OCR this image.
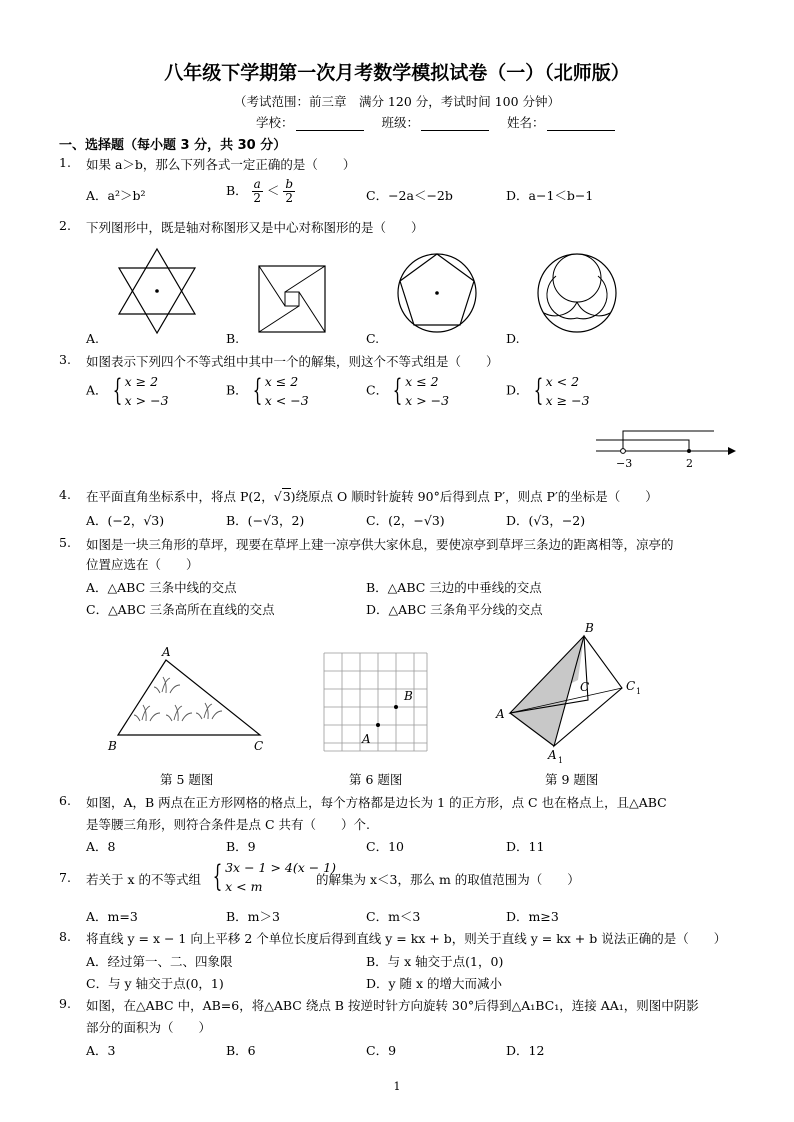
八年级下学期第一次月考数学模拟试卷（一）（北师版）
（考试范围：前三章　满分 120 分，考试时间 100 分钟）
学校：	班级：	姓名：
一、选择题（每小题 3 分，共 30 分）
1. 如果 a＞b，那么下列各式一定正确的是（　　）
A．a²＞b²	B． $\frac{a}{2} < \frac{b}{2}$	C．−2a＜−2b	D．a−1＜b−1
2. 下列图形中，既是轴对称图形又是中心对称图形的是（　　）
A.	B.	C.	D.
3. 如图表示下列四个不等式组中其中一个的解集，则这个不等式组是（　　）
A． { x ≥ 2
x > −3
B． { x ≤ 2
x < −3
C． { x ≤ 2
x > −3
D． { x < 2
x ≥ −3
−3	2
4. 在平面直角坐标系中，将点 P(2，√3)绕原点 O 顺时针旋转 90°后得到点 P′，则点 P′的坐标是（　　）
A．(−2，√3)	B．(−√3，2)	C．(2，−√3)	D．(√3，−2)
5. 如图是一块三角形的草坪，现要在草坪上建一凉亭供大家休息，要使凉亭到草坪三条边的距离相等，凉亭的
位置应选在（　　）
A．△ABC 三条中线的交点	B．△ABC 三边的中垂线的交点
C．△ABC 三条高所在直线的交点	D．△ABC 三条角平分线的交点
A
B	C
第 5 题图
A
B
第 6 题图
B
A
C	C 1
A 1
第 9 题图
6. 如图，A，B 两点在正方形网格的格点上，每个方格都是边长为 1 的正方形，点 C 也在格点上，且△ABC
是等腰三角形，则符合条件是点 C 共有（　　）个.
A．8	B．9	C．10	D．11
7. 若关于 x 的不等式组 { 3x − 1 > 4(x − 1)
x < m	的解集为 x＜3，那么 m 的取值范围为（　　）
A．m=3	B．m＞3	C．m＜3	D．m≥3
8. 将直线 y = x − 1 向上平移 2 个单位长度后得到直线 y = kx + b，则关于直线 y = kx + b 说法正确的是（　　）
A．经过第一、二、四象限	B．与 x 轴交于点(1，0)
C．与 y 轴交于点(0，1)	D．y 随 x 的增大而减小
9. 如图，在△ABC 中，AB=6，将△ABC 绕点 B 按逆时针方向旋转 30°后得到△A₁BC₁，连接 AA₁，则图中阴影
部分的面积为（　　）
A．3	B．6	C．9	D．12
1
